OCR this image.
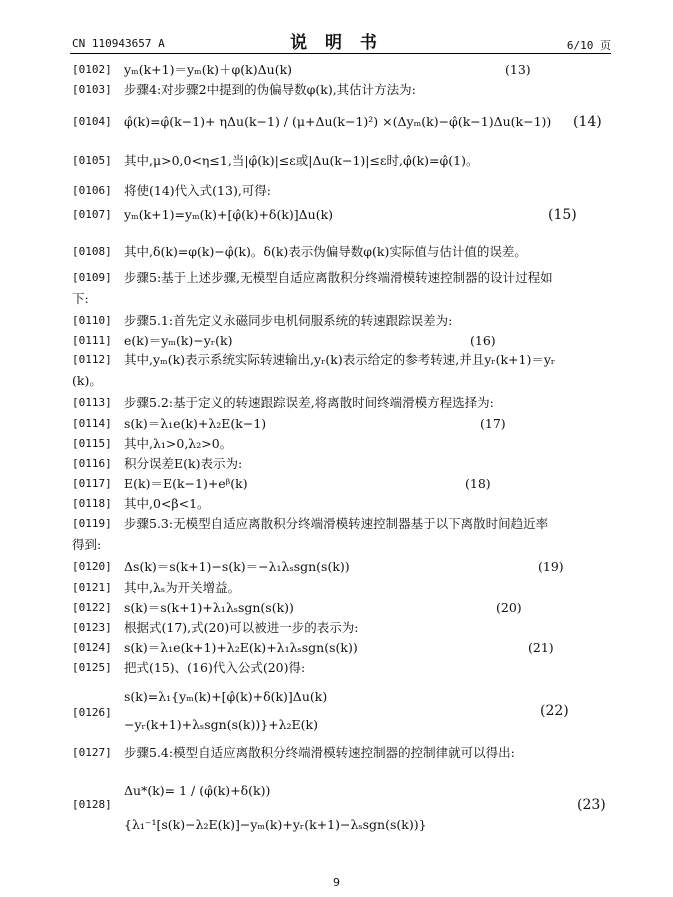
CN 110943657 A	说 明 书	6/10 页
[0102] yₘ(k+1)＝yₘ(k)＋φ(k)Δu(k)	(13)
[0103] 步骤4:对步骤2中提到的伪偏导数φ(k),其估计方法为:
[0104] φ̂(k)=φ̂(k−1)+ ηΔu(k−1) / (μ+Δu(k−1)²) ×(Δyₘ(k)−φ̂(k−1)Δu(k−1)) (14)
[0105] 其中,μ>0,0<η≤1,当|φ̂(k)|≤ε或|Δu(k−1)|≤ε时,φ̂(k)=φ̂(1)。
[0106] 将使(14)代入式(13),可得:
[0107] yₘ(k+1)=yₘ(k)+[φ̂(k)+δ(k)]Δu(k)	(15)
[0108] 其中,δ(k)=φ(k)−φ̂(k)。δ(k)表示伪偏导数φ(k)实际值与估计值的误差。
[0109] 步骤5:基于上述步骤,无模型自适应离散积分终端滑模转速控制器的设计过程如
下:
[0110] 步骤5.1:首先定义永磁同步电机伺服系统的转速跟踪误差为:
[0111] e(k)＝yₘ(k)−yᵣ(k)	(16)
[0112] 其中,yₘ(k)表示系统实际转速输出,yᵣ(k)表示给定的参考转速,并且yᵣ(k+1)＝yᵣ
(k)。
[0113] 步骤5.2:基于定义的转速跟踪误差,将离散时间终端滑模方程选择为:
[0114] s(k)＝λ₁e(k)+λ₂E(k−1)	(17)
[0115] 其中,λ₁>0,λ₂>0。
[0116] 积分误差E(k)表示为:
[0117] E(k)＝E(k−1)+eᵝ(k)	(18)
[0118] 其中,0<β<1。
[0119] 步骤5.3:无模型自适应离散积分终端滑模转速控制器基于以下离散时间趋近率
得到:
[0120] Δs(k)＝s(k+1)−s(k)＝−λ₁λₛsgn(s(k))	(19)
[0121] 其中,λₛ为开关增益。
[0122] s(k)＝s(k+1)+λ₁λₛsgn(s(k))	(20)
[0123] 根据式(17),式(20)可以被进一步的表示为:
[0124] s(k)＝λ₁e(k+1)+λ₂E(k)+λ₁λₛsgn(s(k))	(21)
[0125] 把式(15)、(16)代入公式(20)得:
[0126]
s(k)=λ₁{yₘ(k)+[φ̂(k)+δ(k)]Δu(k)
−yᵣ(k+1)+λₛsgn(s(k))}+λ₂E(k)
(22)
[0127] 步骤5.4:模型自适应离散积分终端滑模转速控制器的控制律就可以得出:
[0128]
Δu*(k)= 1 / (φ̂(k)+δ(k))
{λ₁⁻¹[s(k)−λ₂E(k)]−yₘ(k)+yᵣ(k+1)−λₛsgn(s(k))}
(23)
9
